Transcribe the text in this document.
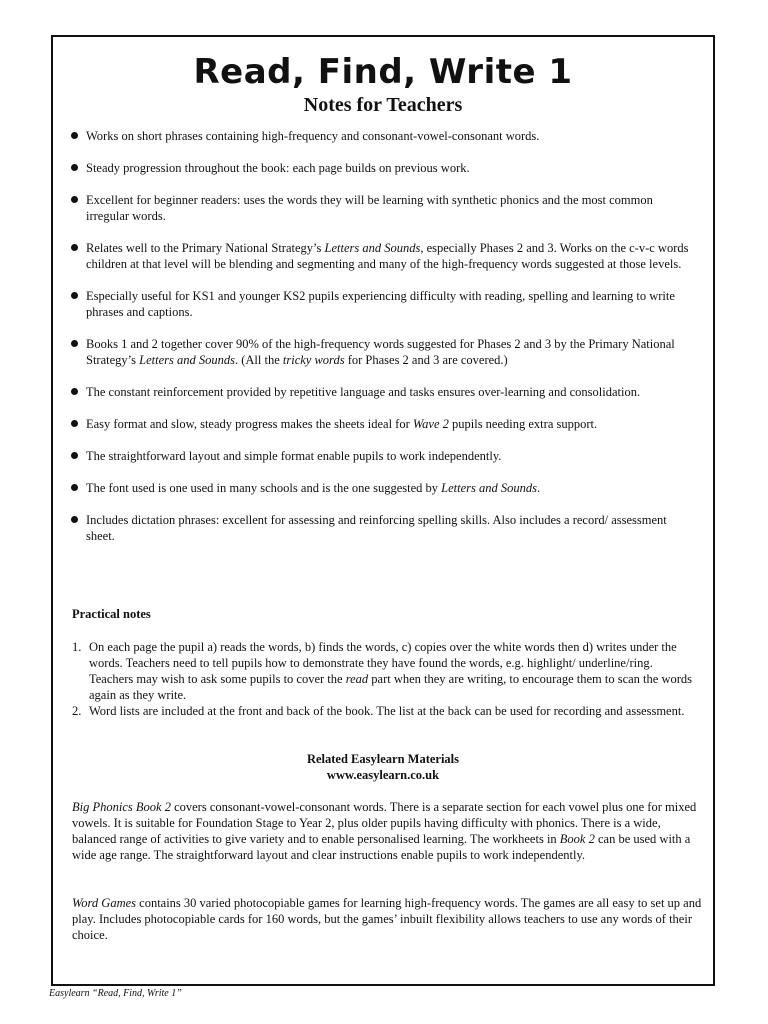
Read, Find, Write 1
Notes for Teachers
Works on short phrases containing high-frequency and consonant-vowel-consonant words.
Steady progression throughout the book: each page builds on previous work.
Excellent for beginner readers: uses the words they will be learning with synthetic phonics and the most common irregular words.
Relates well to the Primary National Strategy’s Letters and Sounds, especially Phases 2 and 3. Works on the c-v-c words children at that level will be blending and segmenting and many of the high-frequency words suggested at those levels.
Especially useful for KS1 and younger KS2 pupils experiencing difficulty with reading, spelling and learning to write phrases and captions.
Books 1 and 2 together cover 90% of the high-frequency words suggested for Phases 2 and 3 by the Primary National Strategy’s Letters and Sounds. (All the tricky words for Phases 2 and 3 are covered.)
The constant reinforcement provided by repetitive language and tasks ensures over-learning and consolidation.
Easy format and slow, steady progress makes the sheets ideal for Wave 2 pupils needing extra support.
The straightforward layout and simple format enable pupils to work independently.
The font used is one used in many schools and is the one suggested by Letters and Sounds.
Includes dictation phrases: excellent for assessing and reinforcing spelling skills. Also includes a record/ assessment sheet.
Practical notes
1. On each page the pupil a) reads the words, b) finds the words, c) copies over the white words then d) writes under the words. Teachers need to tell pupils how to demonstrate they have found the words, e.g. highlight/ underline/ring. Teachers may wish to ask some pupils to cover the read part when they are writing, to encourage them to scan the words again as they write.
2. Word lists are included at the front and back of the book. The list at the back can be used for recording and assessment.
Related Easylearn Materials
www.easylearn.co.uk

Big Phonics Book 2 covers consonant-vowel-consonant words. There is a separate section for each vowel plus one for mixed vowels. It is suitable for Foundation Stage to Year 2, plus older pupils having difficulty with phonics. There is a wide, balanced range of activities to give variety and to enable personalised learning. The workheets in Book 2 can be used with a wide age range. The straightforward layout and clear instructions enable pupils to work independently.

Word Games contains 30 varied photocopiable games for learning high-frequency words. The games are all easy to set up and play. Includes photocopiable cards for 160 words, but the games’ inbuilt flexibility allows teachers to use any words of their choice.

Easylearn “Read, Find, Write 1”
